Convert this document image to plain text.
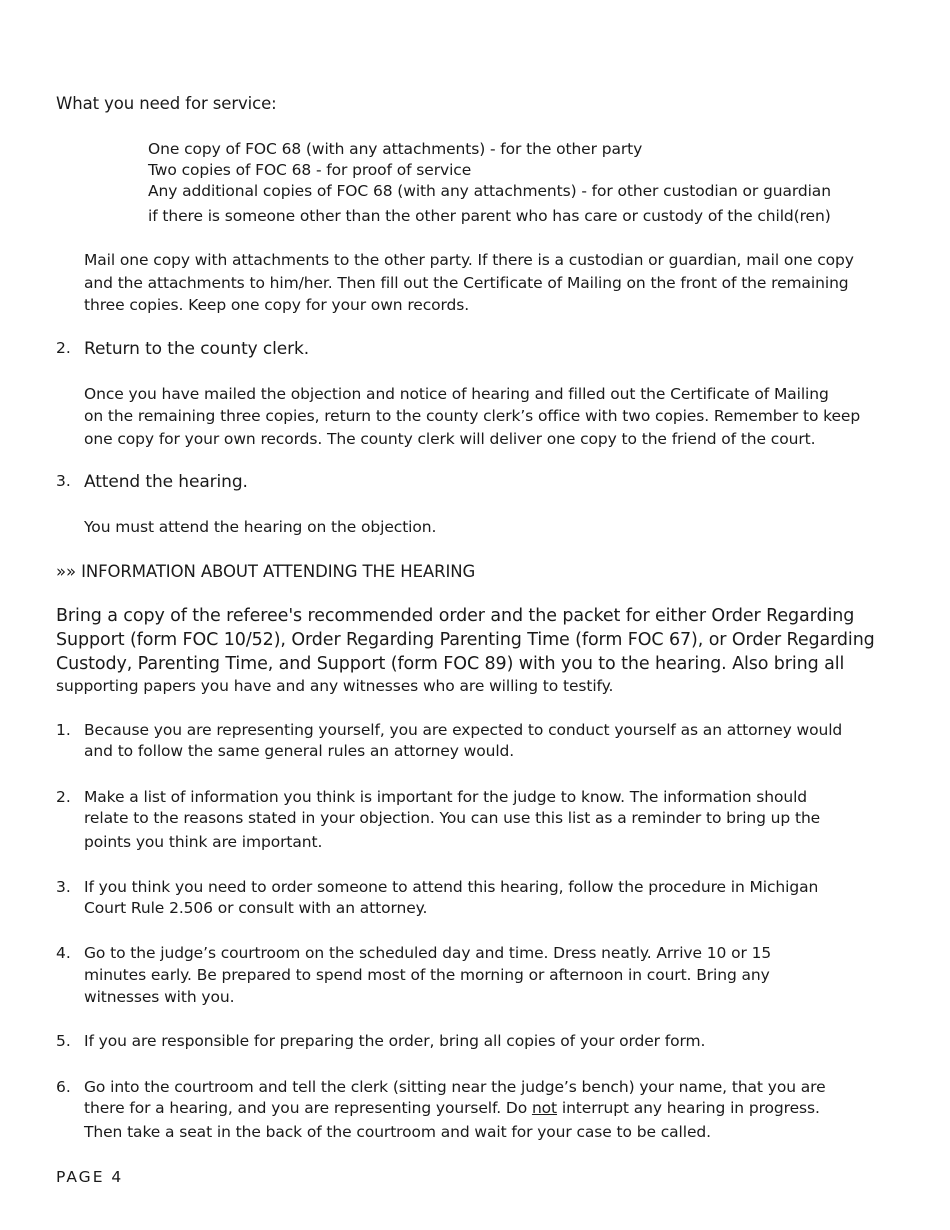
What you need for service:
One copy of FOC 68 (with any attachments) - for the other party
Two copies of FOC 68 - for proof of service
Any additional copies of FOC 68 (with any attachments) - for other custodian or guardian
if there is someone other than the other parent who has care or custody of the child(ren)
Mail one copy with attachments to the other party. If there is a custodian or guardian, mail one copy
and the attachments to him/her. Then fill out the Certificate of Mailing on the front of the remaining
three copies. Keep one copy for your own records.
2. Return to the county clerk.
Once you have mailed the objection and notice of hearing and filled out the Certificate of Mailing
on the remaining three copies, return to the county clerk’s office with two copies. Remember to keep
one copy for your own records. The county clerk will deliver one copy to the friend of the court.
3. Attend the hearing.
You must attend the hearing on the objection.
»» INFORMATION ABOUT ATTENDING THE HEARING
Bring a copy of the referee's recommended order and the packet for either Order Regarding
Support (form FOC 10/52), Order Regarding Parenting Time (form FOC 67), or Order Regarding
Custody, Parenting Time, and Support (form FOC 89) with you to the hearing. Also bring all
supporting papers you have and any witnesses who are willing to testify.
1. Because you are representing yourself, you are expected to conduct yourself as an attorney would
and to follow the same general rules an attorney would.
2. Make a list of information you think is important for the judge to know. The information should
relate to the reasons stated in your objection. You can use this list as a reminder to bring up the
points you think are important.
3. If you think you need to order someone to attend this hearing, follow the procedure in Michigan
Court Rule 2.506 or consult with an attorney.
4. Go to the judge’s courtroom on the scheduled day and time. Dress neatly. Arrive 10 or 15
minutes early. Be prepared to spend most of the morning or afternoon in court. Bring any
witnesses with you.
5. If you are responsible for preparing the order, bring all copies of your order form.
6. Go into the courtroom and tell the clerk (sitting near the judge’s bench) your name, that you are
there for a hearing, and you are representing yourself. Do not interrupt any hearing in progress.
Then take a seat in the back of the courtroom and wait for your case to be called.
PAGE 4
